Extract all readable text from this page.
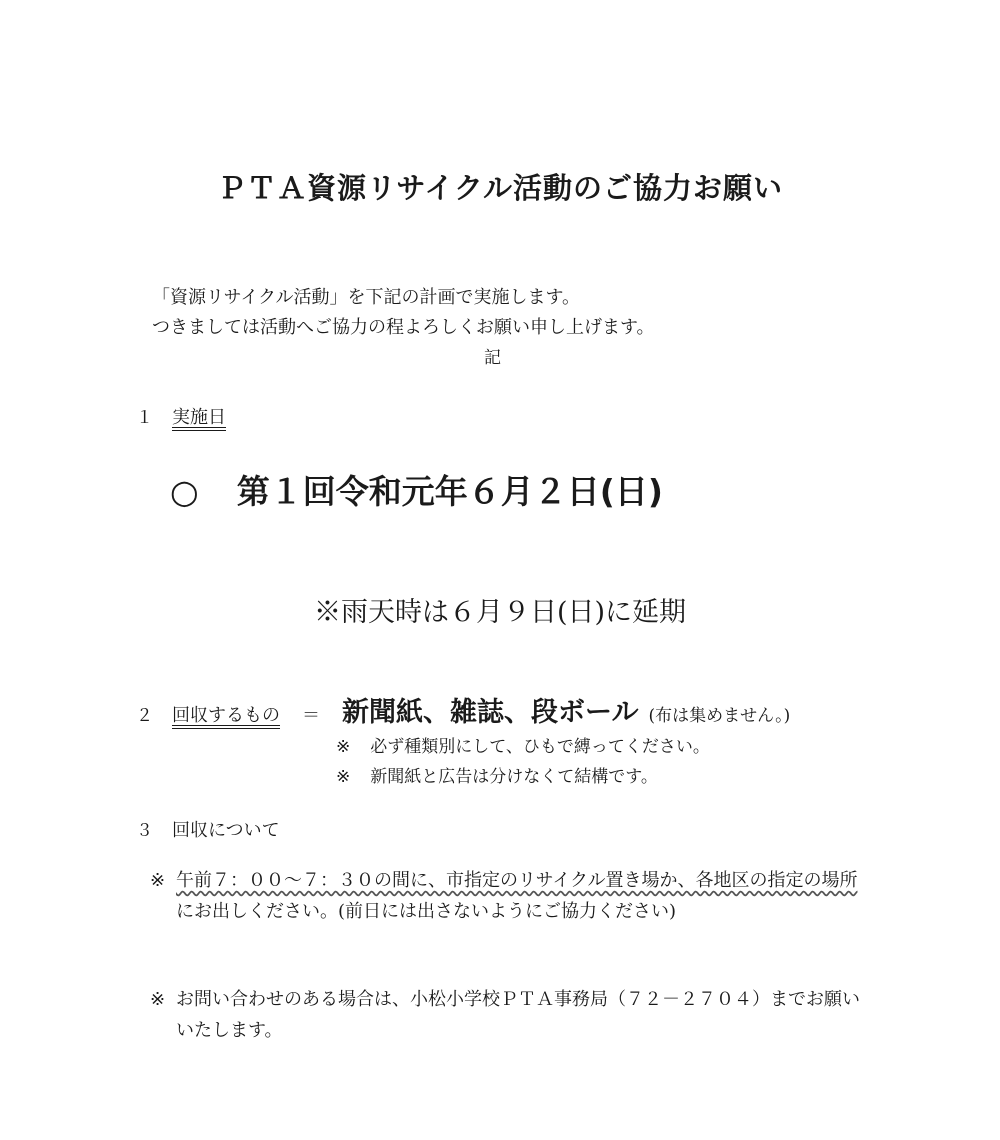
ＰＴＡ資源リサイクル活動のご協力お願い
「資源リサイクル活動」を下記の計画で実施します。
つきましては活動へご協力の程よろしくお願い申し上げます。
記
１ 実施日
○ 第１回令和元年６月２日(日)
※雨天時は６月９日(日)に延期
２ 回収するもの ＝ 新聞紙、雑誌、段ボール (布は集めません。)
※ 必ず種類別にして、ひもで縛ってください。
※ 新聞紙と広告は分けなくて結構です。
３ 回収について
※ 午前７：００～７：３０の間に、市指定のリサイクル置き場か、各地区の指定の場所にお出しください。(前日には出さないようにご協力ください)
※ お問い合わせのある場合は、小松小学校ＰＴＡ事務局（７２－２７０４）までお願いいたします。
